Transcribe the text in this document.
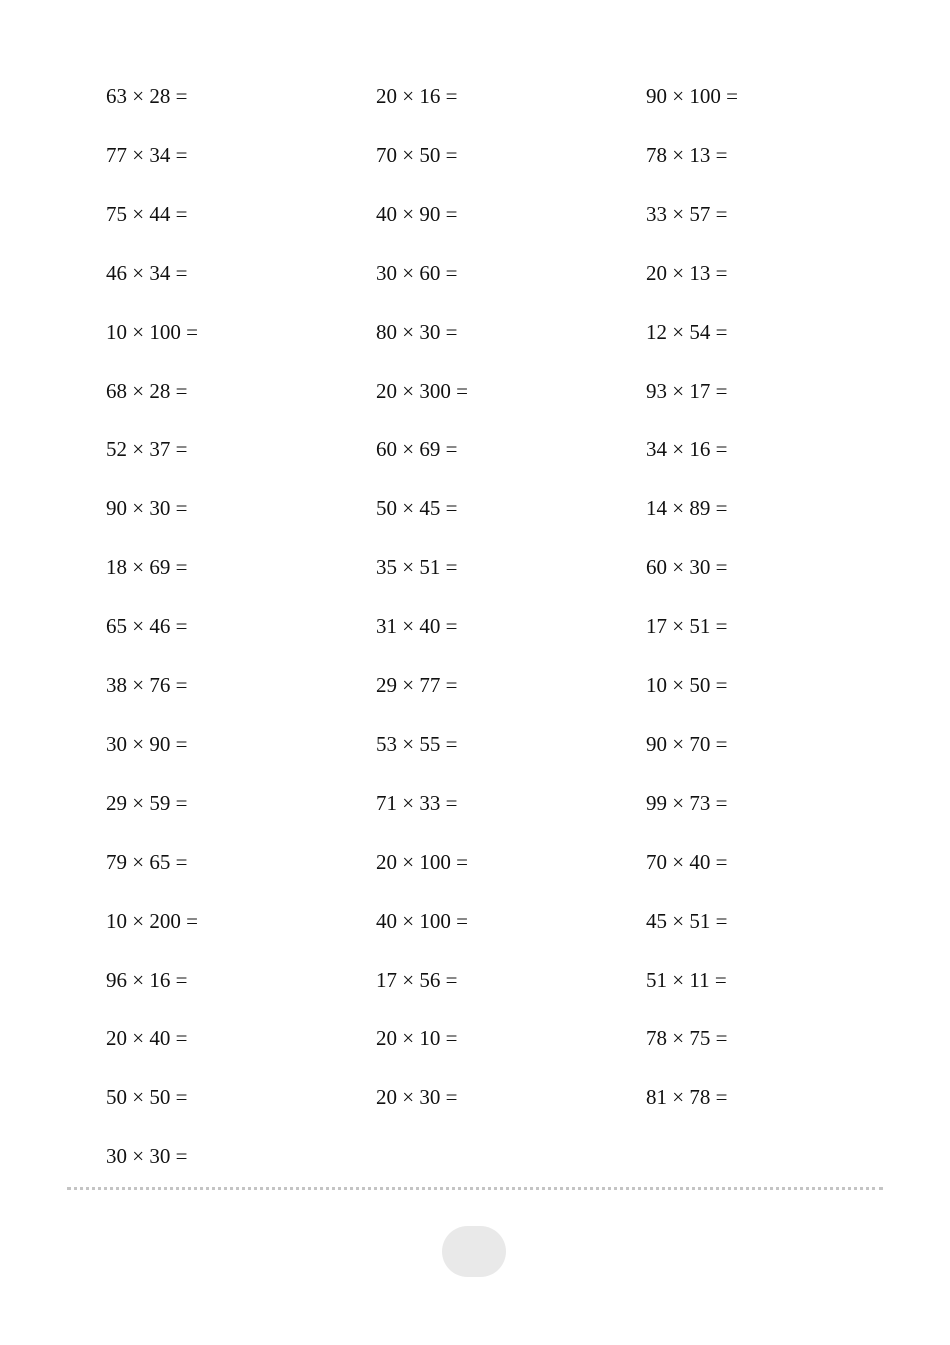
63 × 28 =

77 × 34 =

75 × 44 =

46 × 34 =

10 × 100 =

68 × 28 =

52 × 37 =

90 × 30 =

18 × 69 =

65 × 46 =

38 × 76 =

30 × 90 =

29 × 59 =

79 × 65 =

10 × 200 =

96 × 16 =

20 × 40 =

50 × 50 =

30 × 30 =

20 × 16 =

70 × 50 =

40 × 90 =

30 × 60 =

80 × 30 =

20 × 300 =

60 × 69 =

50 × 45 =

35 × 51 =

31 × 40 =

29 × 77 =

53 × 55 =

71 × 33 =

20 × 100 =

40 × 100 =

17 × 56 =

20 × 10 =

20 × 30 =

90 × 100 =

78 × 13 =

33 × 57 =

20 × 13 =

12 × 54 =

93 × 17 =

34 × 16 =

14 × 89 =

60 × 30 =

17 × 51 =

10 × 50 =

90 × 70 =

99 × 73 =

70 × 40 =

45 × 51 =

51 × 11 =

78 × 75 =

81 × 78 =
